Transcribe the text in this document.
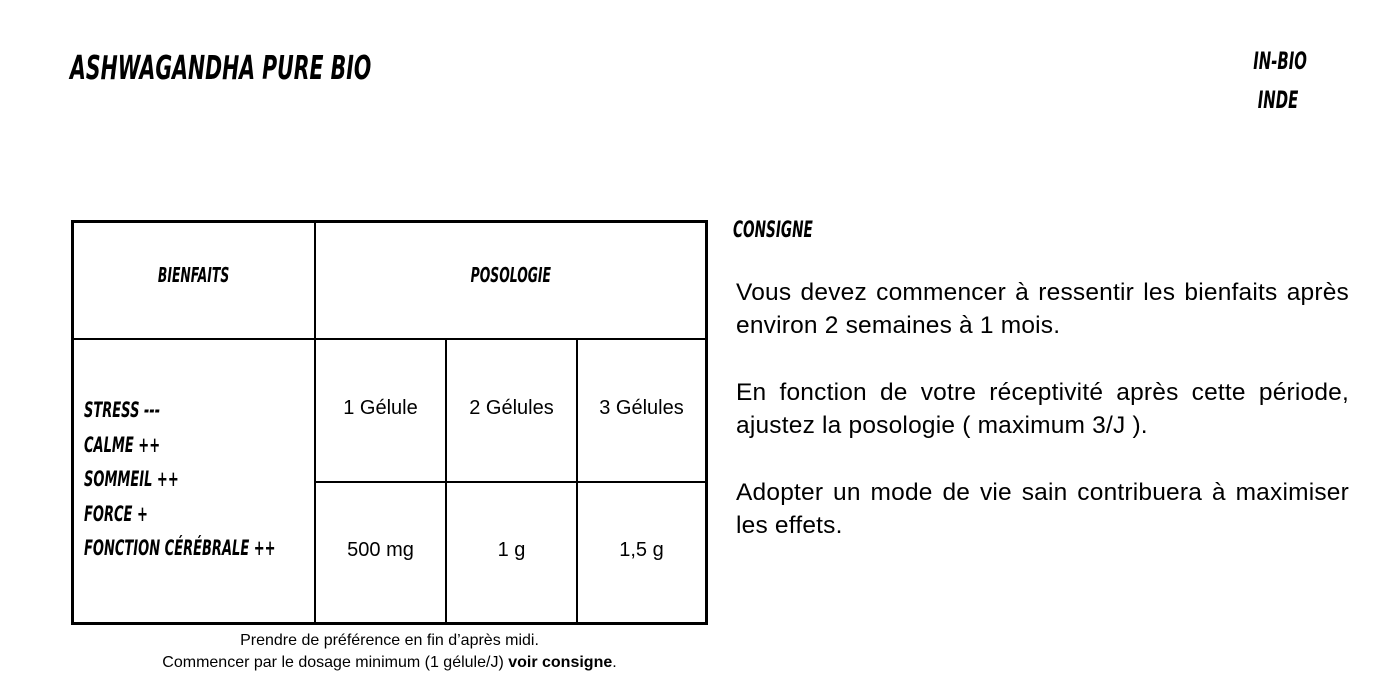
ASHWAGANDHA PURE BIO	IN-BIO
INDE
BIENFAITS	POSOLOGIE
STRESS ---
CALME ++
SOMMEIL ++
FORCE +
FONCTION CÉRÉBRALE ++
1 Gélule	2 Gélules	3 Gélules
500 mg	1 g	1,5 g
Prendre de préférence en fin d’après midi.
Commencer par le dosage minimum (1 gélule/J) voir consigne.
CONSIGNE

Vous devez commencer à ressentir les bienfaits après environ 2 semaines à 1 mois.

En fonction de votre réceptivité après cette période, ajustez la posologie ( maximum 3/J ).

Adopter un mode de vie sain contribuera à maximiser les effets.
